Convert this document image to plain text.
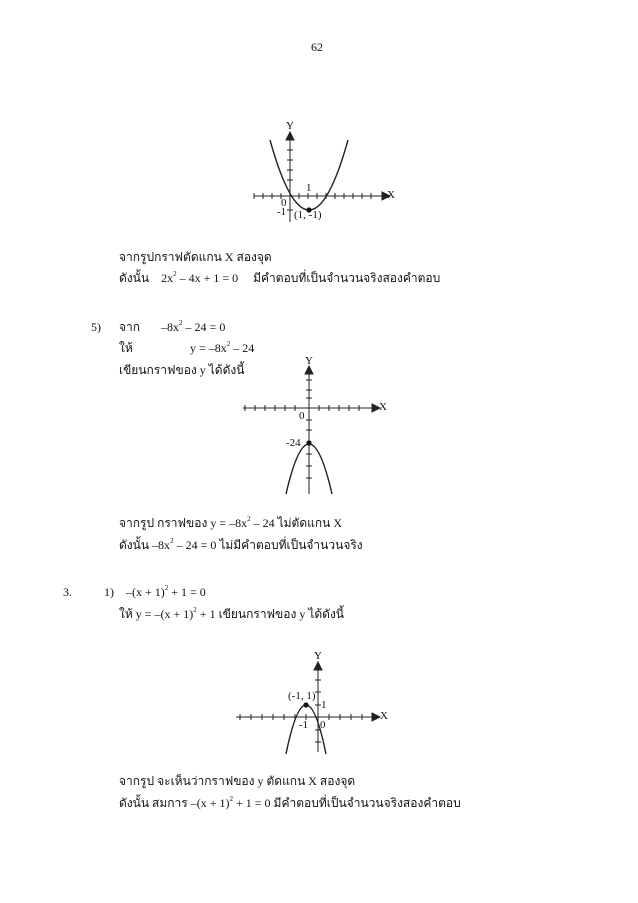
62
Y
X
0
1
-1 (1, -1)
จากรูปกราฟตัดแกน X สองจุด
ดังนั้น $2x^2 - 4x + 1 = 0$ มีคำตอบที่เป็นจำนวนจริงสองคำตอบ
5) จาก $-8x^2 - 24 = 0$
ให้	$y = -8x^2 - 24$
เขียนกราฟของ y ได้ดังนี้
Y
X
0
-24
จากรูป กราฟของ $y = -8x^2 - 24$ ไม่ตัดแกน X
ดังนั้น $-8x^2 - 24 = 0$ ไม่มีคำตอบที่เป็นจำนวนจริง
3.	1) $-(x + 1)^2 + 1 = 0$
ให้ $y = -(x + 1)^2 + 1$ เขียนกราฟของ y ได้ดังนี้
Y
X
0
-1
1
(-1, 1)
จากรูป จะเห็นว่ากราฟของ y ตัดแกน X สองจุด
ดังนั้น สมการ $-(x + 1)^2 + 1 = 0$ มีคำตอบที่เป็นจำนวนจริงสองคำตอบ
